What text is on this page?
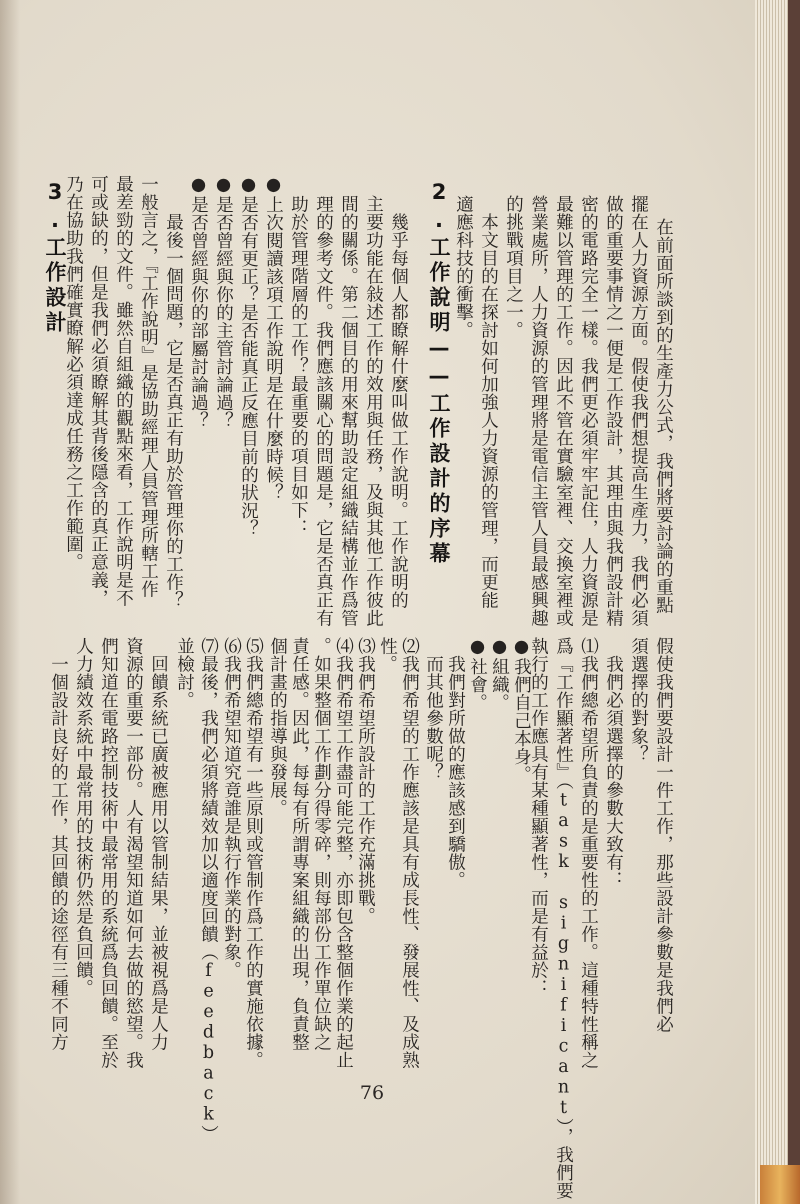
在前面所談到的生產力公式，我們將要討論的重點
擺在人力資源方面。假使我們想提高生產力，我們必須
做的重要事情之一便是工作設計，其理由與我們設計精
密的電路完全一樣。我們更必須牢牢記住，人力資源是
最難以管理的工作。因此不管在實驗室裡、交換室裡或
營業處所，人力資源的管理將是電信主管人員最感興趣
的挑戰項目之一。
　本文目的在探討如何加強人力資源的管理，而更能
適應科技的衝擊。
2.工作說明——工作設計的序幕
　幾乎每個人都瞭解什麼叫做工作說明。工作說明的
主要功能在敍述工作的效用與任務，及與其他工作彼此
間的關係。第二個目的用來幫助設定組織結構並作爲管
理的參考文件。我們應該關心的問題是，它是否真正有
助於管理階層的工作？最重要的項目如下：
●上次閱讀該項工作說明是在什麼時候？
●是否有更正？是否能真正反應目前的狀況？
●是否曾經與你的主管討論過？
●是否曾經與你的部屬討論過？
　最後一個問題，它是否真正有助於管理你的工作？
一般言之，『工作說明』是協助經理人員管理所轄工作
最差勁的文件。雖然自組織的觀點來看，工作說明是不
可或缺的，但是我們必須瞭解其背後隱含的真正意義，
乃在協助我們確實瞭解必須達成任務之工作範圍。
3.工作設計
假使我們要設計一件工作，那些設計參數是我們必
須選擇的對象？
　我們必須選擇的參數大致有：
⑴我們總希望所負責的是重要性的工作。這種特性稱之
爲『工作顯著性』（task significant），我們要
執行的工作應具有某種顯著性，而是有益於：
●我們自己本身。
●組織。
●社會。
　我們對所做的應該感到驕傲。
　而其他參數呢？
⑵我們希望的工作應該是具有成長性、發展性、及成熟
性。
⑶我們希望所設計的工作充滿挑戰。
⑷我們希望工作盡可能完整，亦即包含整個作業的起止
。如果整個工作劃分得零碎，則每部份工作單位缺之
責任感。因此，每每有所謂專案組織的出現，負責整
個計畫的指導與發展。
⑸我們總希望有一些原則或管制作爲工作的實施依據。
⑹我們希望知道究竟誰是執行作業的對象。
⑺最後，我們必須將績效加以適度回饋（feedback）
並檢討。
　回饋系統已廣被應用以管制結果，並被視爲是人力
資源的重要一部份。人有渴望知道如何去做的慾望。我
們知道在電路控制技術中最常用的系統爲負回饋。至於
人力績效系統中最常用的技術仍然是負回饋。
　一個設計良好的工作，其回饋的途徑有三種不同方
76
